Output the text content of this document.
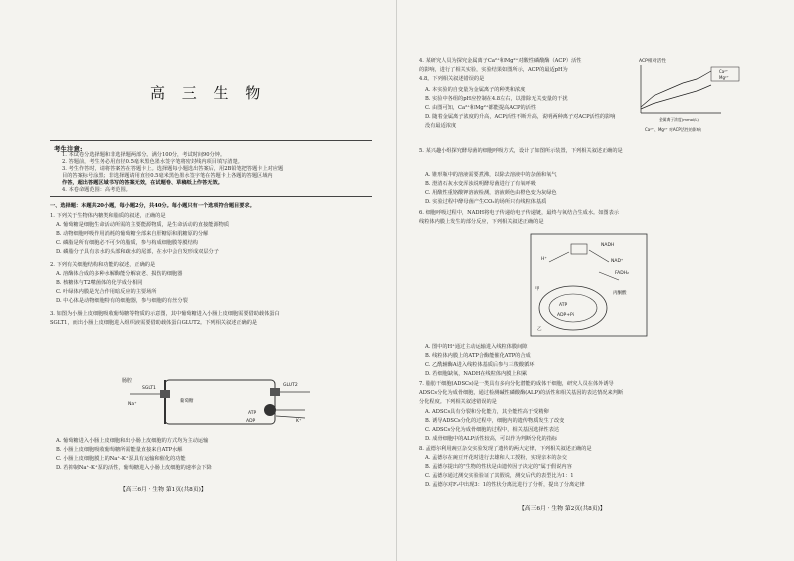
高 三 生 物
考生注意:
1. 本试卷分选择题和非选择题两部分。满分100分，考试时间90分钟。
2. 答题前，考生务必用直径0.5毫米黑色墨水签字笔将密封线内项目填写清楚。
3. 考生作答时，请将答案答在答题卡上。选择题每小题选出答案后，用2B铅笔把答题卡上对应题
目的答案标号涂黑；非选择题请用直径0.5毫米黑色墨水签字笔在答题卡上各题的答题区域内
作答，超出答题区域书写的答案无效，在试题卷、草稿纸上作答无效。
4. 本卷命题范围：高考范围。
一、选择题：本题共20小题，每小题2分，共40分。每小题只有一个选项符合题目要求。
1. 下列关于生物体内糖类和脂质的叙述，正确的是
A. 葡萄糖是细胞生命活动所需的主要能源物质，是生命活动的直接能源物质
B. 动物细胞呼吸作用消耗的葡萄糖全部来自肝糖原和肌糖原的分解
C. 磷脂是所有细胞必不可少的脂质，参与构成细胞膜等膜结构
D. 磷脂分子具有亲水的头部和疏水的尾部，在水中会自发形成双层分子
2. 下列有关细胞结构和功能的叙述，正确的是
A. 溶酶体合成的多种水解酶能分解衰老、损伤的细胞器
B. 核糖体与T2噬菌体的化学成分相同
C. 叶绿体内膜是光合作用暗反应的主要场所
D. 中心体是动物细胞特有的细胞器，参与细胞的有丝分裂
3. 如图为小肠上皮细胞吸收葡萄糖等物质的示意图，其中葡萄糖进入小肠上皮细胞需要借助载体蛋白
SGLT1，而出小肠上皮细胞进入组织液需要借助载体蛋白GLUT2。下列相关叙述正确的是
肠腔
SGLT1
Na⁺
葡萄糖
GLUT2
K⁺
ATP
ADP
A. 葡萄糖进入小肠上皮细胞和出小肠上皮细胞的方式均为主动运输
B. 小肠上皮细胞吸收葡萄糖所需能量直接来自ATP水解
C. 小肠上皮细胞膜上的Na⁺-K⁺泵具有运输和催化的功能
D. 若抑制Na⁺-K⁺泵的活性，葡萄糖进入小肠上皮细胞的速率会下降
【高三6月 · 生物 第1页(共8页)】
4. 某研究人员为探究金属离子Ca²⁺和Mg²⁺对酸性磷酸酶（ACP）活性
的影响，进行了相关实验，实验结果如图所示，ACP的最适pH为
4.8。下列相关叙述错误的是
A. 本实验的自变量为金属离子的种类和浓度
B. 实验中各组的pH应控制在4.8左右，以排除无关变量的干扰
C. 由图可知，Ca²⁺和Mg²⁺都能提高ACP的活性
D. 随着金属离子浓度的升高，ACP活性不断升高，说明两种离子对ACP活性的影响
没有最适浓度
5. 某兴趣小组探究酵母菌的细胞呼吸方式，设计了如图所示装置，下列相关叙述正确的是
ACP相对活性
Ca²⁺
Mg²⁺
金属离子浓度(mmol/L)
Ca²⁺、Mg²⁺ 对ACP活性的影响
A. 锥形瓶中的溶液需要煮沸，以除去溶液中的杂菌和氧气
B. 澄清石灰水变浑浊说明酵母菌进行了有氧呼吸
C. 用酸性重铬酸钾溶液检测，溶液颜色由橙色变为灰绿色
D. 实验过程中酵母菌产生CO₂的场所只有线粒体基质
6. 细胞呼吸过程中，NADH将电子传递给电子传递链，最终与氧结合生成水。如图表示
线粒体内膜上发生的部分反应，下列相关叙述正确的是
H⁺
NADH
NAD⁺
FADH₂
ATP
ADP+Pi
乙
甲
丙酮酸
A. 图中的H⁺通过主动运输进入线粒体膜间隙
B. 线粒体内膜上的ATP合酶能催化ATP的合成
C. 乙酰辅酶A进入线粒体基质后参与三羧酸循环
D. 若细胞缺氧，NADH在线粒体内膜上积累
7. 脂肪干细胞(ADSCs)是一类具有多向分化潜能的成体干细胞，研究人员在体外诱导
ADSCs分化为成骨细胞，通过检测碱性磷酸酶(ALP)的活性和相关基因的表达情况来判断
分化程度。下列相关叙述错误的是
A. ADSCs具有分裂和分化能力，其全能性高于受精卵
B. 诱导ADSCs分化的过程中，细胞内的遗传物质发生了改变
C. ADSCs分化为成骨细胞的过程中，相关基因选择性表达
D. 成骨细胞中的ALP活性较高，可以作为判断分化的指标
8. 孟德尔利用豌豆杂交实验发现了遗传的两大定律，下列相关叙述正确的是
A. 孟德尔在豌豆开花时进行去雄和人工授粉，实现亲本的杂交
B. 孟德尔提出的"生物的性状是由遗传因子决定的"属于假说内容
C. 孟德尔通过测交实验验证了其假说，测交后代的表型比为1：1
D. 孟德尔对F₂中出现3：1的性状分离比进行了分析，提出了分离定律
【高三6月 · 生物 第2页(共8页)】
